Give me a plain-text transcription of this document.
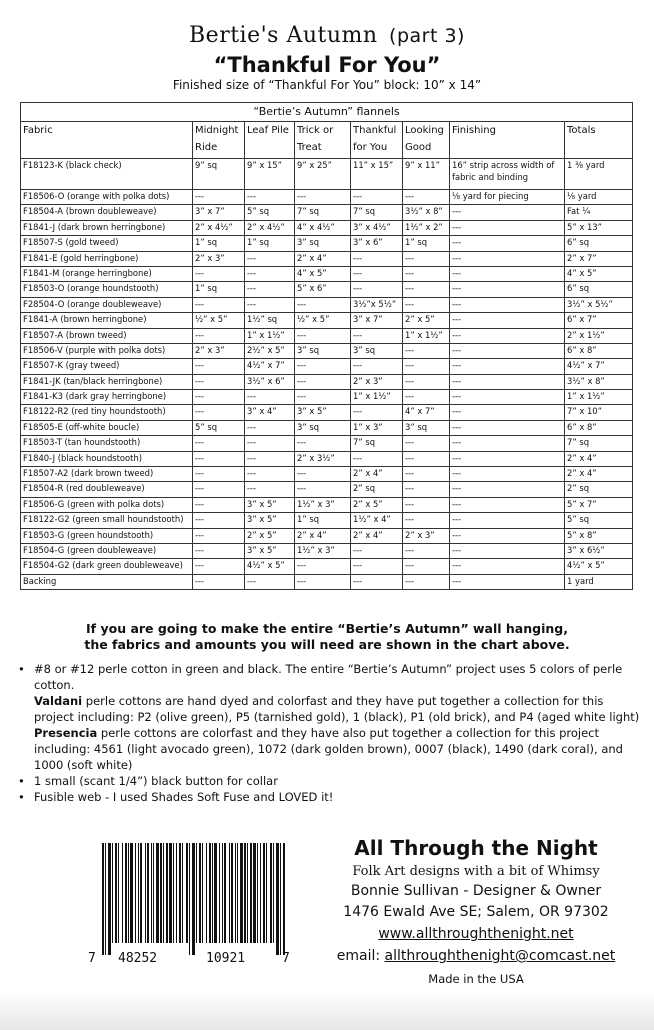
Bertie's Autumn (part 3)
“Thankful For You”
Finished size of “Thankful For You” block: 10” x 14”
“Bertie’s Autumn” flannels							
Fabric	Midnight Ride	Leaf Pile	Trick or Treat	Thankful for You	Looking Good	Finishing	Totals
F18123-K (black check)	9” sq	9” x 15”	9” x 25”	11” x 15”	9” x 11”	16” strip across width of fabric and binding	1 ⅜ yard
F18506-O (orange with polka dots)	---	---	---	---	---	⅛ yard for piecing	⅛ yard
F18504-A (brown doubleweave)	3” x 7”	5” sq	7” sq	7” sq	3½” x 8”	---	Fat ¼
F1841-J (dark brown herringbone)	2” x 4½”	2” x 4½”	4” x 4½”	3” x 4½”	1½” x 2”	---	5” x 13”
F18507-S (gold tweed)	1” sq	1” sq	3” sq	3” x 6”	1” sq	---	6” sq
F1841-E (gold herringbone)	2” x 3”	---	2” x 4”	---	---	---	2” x 7”
F1841-M (orange herringbone)	---	---	4” x 5”	---	---	---	4” x 5”
F18503-O (orange houndstooth)	1” sq	---	5” x 6”	---	---	---	6” sq
F28504-O (orange doubleweave)	---	---	---	3½”x 5½”	---	---	3½” x 5½”
F1841-A (brown herringbone)	½” x 5”	1½” sq	½” x 5”	3” x 7”	2” x 5”	---	6” x 7”
F18507-A (brown tweed)	---	1” x 1½”	---	---	1” x 1½”	---	2” x 1½”
F18506-V (purple with polka dots)	2” x 3”	2½” x 5”	3” sq	3” sq	---	---	6” x 8”
F18507-K (gray tweed)	---	4½” x 7”	---	---	---	---	4½” x 7”
F1841-JK (tan/black herringbone)	---	3½” x 6”	---	2” x 3”	---	---	3½” x 8”
F1841-K3 (dark gray herringbone)	---	---	---	1” x 1½”	---	---	1” x 1½”
F18122-R2 (red tiny houndstooth)	---	3” x 4”	3” x 5”	---	4” x 7”	---	7” x 10”
F18505-E (off-white boucle)	5” sq	---	3” sq	1” x 3”	3” sq	---	6” x 8”
F18503-T (tan houndstooth)	---	---	---	7” sq	---	---	7” sq
F1840-J (black houndstooth)	---	---	2” x 3½”	---	---	---	2” x 4”
F18507-A2 (dark brown tweed)	---	---	---	2” x 4”	---	---	2” x 4”
F18504-R (red doubleweave)	---	---	---	2” sq	---	---	2” sq
F18506-G (green with polka dots)	---	3” x 5”	1½” x 3”	2” x 5”	---	---	5” x 7”
F18122-G2 (green small houndstooth)	---	3” x 5”	1” sq	1½” x 4”	---	---	5” sq
F18503-G (green houndstooth)	---	2” x 5”	2” x 4”	2” x 4”	2” x 3”	---	5” x 8”
F18504-G (green doubleweave)	---	3” x 5”	1½” x 3”	---	---	---	3” x 6½”
F18504-G2 (dark green doubleweave)	---	4½” x 5”	---	---	---	---	4½” x 5”
Backing	---	---	---	---	---	---	1 yard
If you are going to make the entire “Bertie’s Autumn” wall hanging,
the fabrics and amounts you will need are shown in the chart above.
• #8 or #12 perle cotton in green and black. The entire “Bertie’s Autumn” project uses 5 colors of perle cotton.
Valdani perle cottons are hand dyed and colorfast and they have put together a collection for this project including: P2 (olive green), P5 (tarnished gold), 1 (black), P1 (old brick), and P4 (aged white light)
Presencia perle cottons are colorfast and they have also put together a collection for this project including: 4561 (light avocado green), 1072 (dark golden brown), 0007 (black), 1490 (dark coral), and 1000 (soft white)
• 1 small (scant 1/4”) black button for collar
• Fusible web - I used Shades Soft Fuse and LOVED it!
7 48252	10921	7
All Through the Night
Folk Art designs with a bit of Whimsy
Bonnie Sullivan - Designer & Owner
1476 Ewald Ave SE; Salem, OR 97302
www.allthroughthenight.net
email: allthroughthenight@comcast.net
Made in the USA
